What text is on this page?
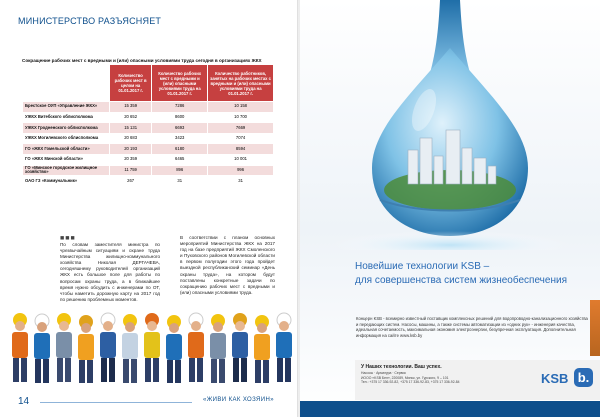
МИНИСТЕРСТВО РАЗЪЯСНЯЕТ
Сокращение рабочих мест с вредными и (или) опасными условиями труда сегодня в организациях ЖКХ
	Количество рабочих мест в целом на 01.01.2017 г.	Количество рабочих мест с вредными и (или) опасными условиями труда на 01.01.2017 г.	Количество работников, занятых на рабочих местах с вредными и (или) опасными условиями труда на 01.01.2017 г.
Брестское ОУП «Управление ЖКХ»	15 359	7286	10 158
УЖКХ Витебского облисполкома	20 652	8600	10 700
УЖКХ Гродненского облисполкома	15 131	6693	7669
УЖКХ Могилевского облисполкома	20 683	3423	7074
ГО «ЖКХ Гомельской области»	20 193	6180	8594
ГО «ЖКХ Минской области»	20 359	6465	10 001
ГО «Минское городское жилищное хозяйство»	11 759	896	996
ОАО ГЗ «Коммунальник»	267	31	31
■■■
По словам заместителя министра по чрезвычайным ситуациям и охране труда Министерства жилищно-коммунального хозяйства Николая ДЕРГАЧЕВА, сегодняшнему руководителей организаций ЖКХ есть большое поле для работы по вопросам охраны труда, а в ближайшее время нужно обсудить с инженерами по ОТ, чтобы наметить дорожную карту на 2017 год по решению проблемных моментов.
В соответствии с планом основных мероприятий Министерства ЖКХ на 2017 год на базе предприятий ЖКХ Смоленского и Пуховского районов Могилевской области в первом полугодии этого года пройдет выездной республиканский семинар «День охраны труда», на котором будут поставлены конкретные задачи по сокращению рабочих мест с вредными и (или) опасными условиями труда.
14	«ЖИВИ КАК ХОЗЯИН»
Новейшие технологии KSB –
для совершенства систем жизнеобеспечения
Концерн KSB - всемирно известный поставщик комплексных решений для водопроводно-канализационного хозяйства и передающих систем. Насосы, машины, а также системы автоматизации из «одних рук» - инженерия качества, идеальная сочетаемость, максимальная экономия электроэнергии, безупречная эксплуатация. Дополнительная информация на сайте www.ksb.by
У Наших технологии. Ваш успех.
Насосы · Арматура · Сервис
ИООО «KSB Бел», 220089, Минск, ул. Гурского, 9 – 101
Тел.: +375 17 336-92-82, +375 17 336-92-83, +375 17 336-92-84	KSB b.
